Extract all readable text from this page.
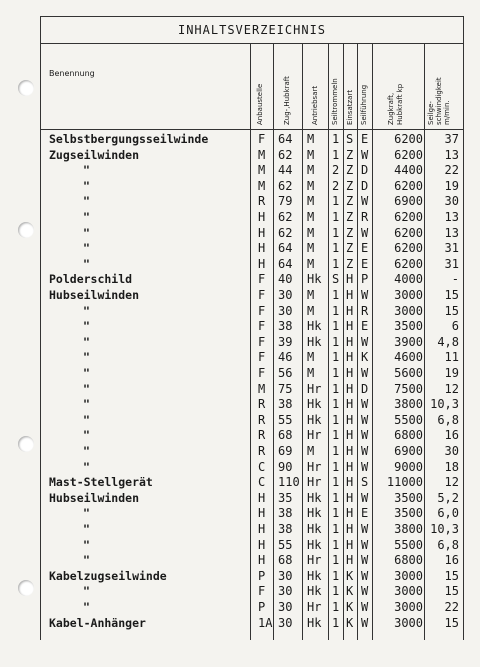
INHALTSVERZEICHNIS
Benennung
Anbaustelle	Zug-,Hubkraft	Antriebsart Seiltrommeln Einsatzart Seilführung	Zugkraft, Hubkraft kp	Seilge- schwindigkeit m/min.
Selbstbergungsseilwinde	F 64 M 1 S E	6200	37
Zugseilwinden	M 62 M 1 Z W	6200	13
"	M 44 M 2 Z D	4400	22
"	M 62 M 2 Z D	6200	19
"	R 79 M 1 Z W	6900	30
"	H 62 M 1 Z R	6200	13
"	H 62 M 1 Z W	6200	13
"	H 64 M 1 Z E	6200	31
"	H 64 M 1 Z E	6200	31
Polderschild	F 40 Hk S H P	4000	-
Hubseilwinden	F 30 M 1 H W	3000	15
"	F 30 M 1 H R	3000	15
"	F 38 Hk 1 H E	3500	6
"	F 39 Hk 1 H W	3900	4,8
"	F 46 M 1 H K	4600	11
"	F 56 M 1 H W	5600	19
"	M 75 Hr 1 H D	7500	12
"	R 38 Hk 1 H W	3800 10,3
"	R 55 Hk 1 H W	5500	6,8
"	R 68 Hr 1 H W	6800	16
"	R 69 M 1 H W	6900	30
"	C 90 Hr 1 H W	9000	18
Mast-Stellgerät	C 110 Hr 1 H S	11000	12
Hubseilwinden	H 35 Hk 1 H W	3500	5,2
"	H 38 Hk 1 H E	3500	6,0
"	H 38 Hk 1 H W	3800 10,3
"	H 55 Hk 1 H W	5500	6,8
"	H 68 Hr 1 H W	6800	16
Kabelzugseilwinde	P 30 Hk 1 K W	3000	15
"	F 30 Hk 1 K W	3000	15
"	P 30 Hr 1 K W	3000	22
Kabel-Anhänger	1A 30 Hk 1 K W	3000	15
